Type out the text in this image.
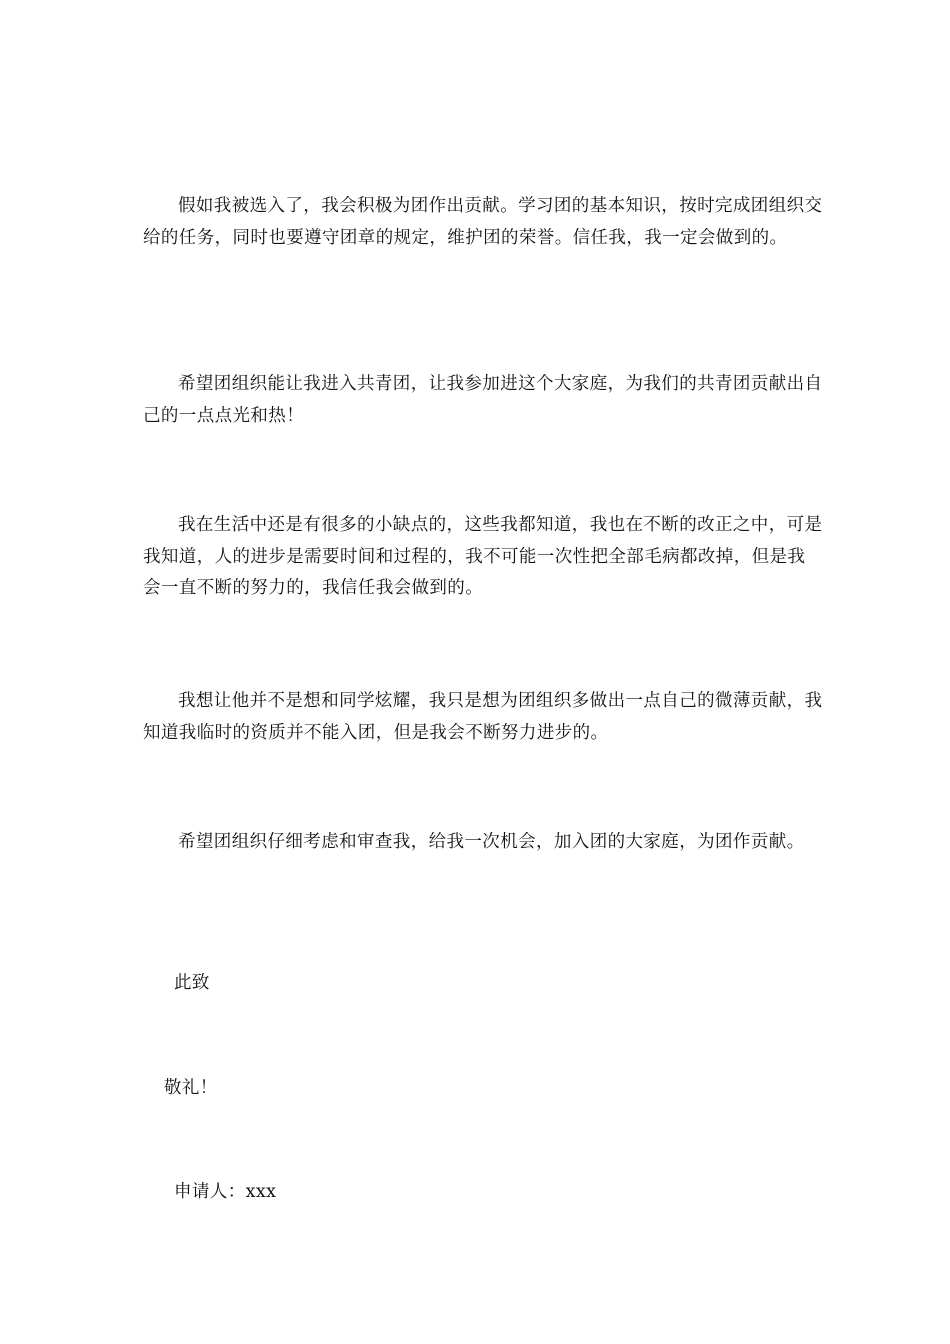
假如我被选入了，我会积极为团作出贡献。学习团的基本知识，按时完成团组织交给的任务，同时也要遵守团章的规定，维护团的荣誉。信任我，我一定会做到的。

希望团组织能让我进入共青团，让我参加进这个大家庭，为我们的共青团贡献出自己的一点点光和热！

我在生活中还是有很多的小缺点的，这些我都知道，我也在不断的改正之中，可是我知道，人的进步是需要时间和过程的，我不可能一次性把全部毛病都改掉，但是我会一直不断的努力的，我信任我会做到的。

我想让他并不是想和同学炫耀，我只是想为团组织多做出一点自己的微薄贡献，我知道我临时的资质并不能入团，但是我会不断努力进步的。

希望团组织仔细考虑和审查我，给我一次机会，加入团的大家庭，为团作贡献。

此致

敬礼！

申请人：xxx
